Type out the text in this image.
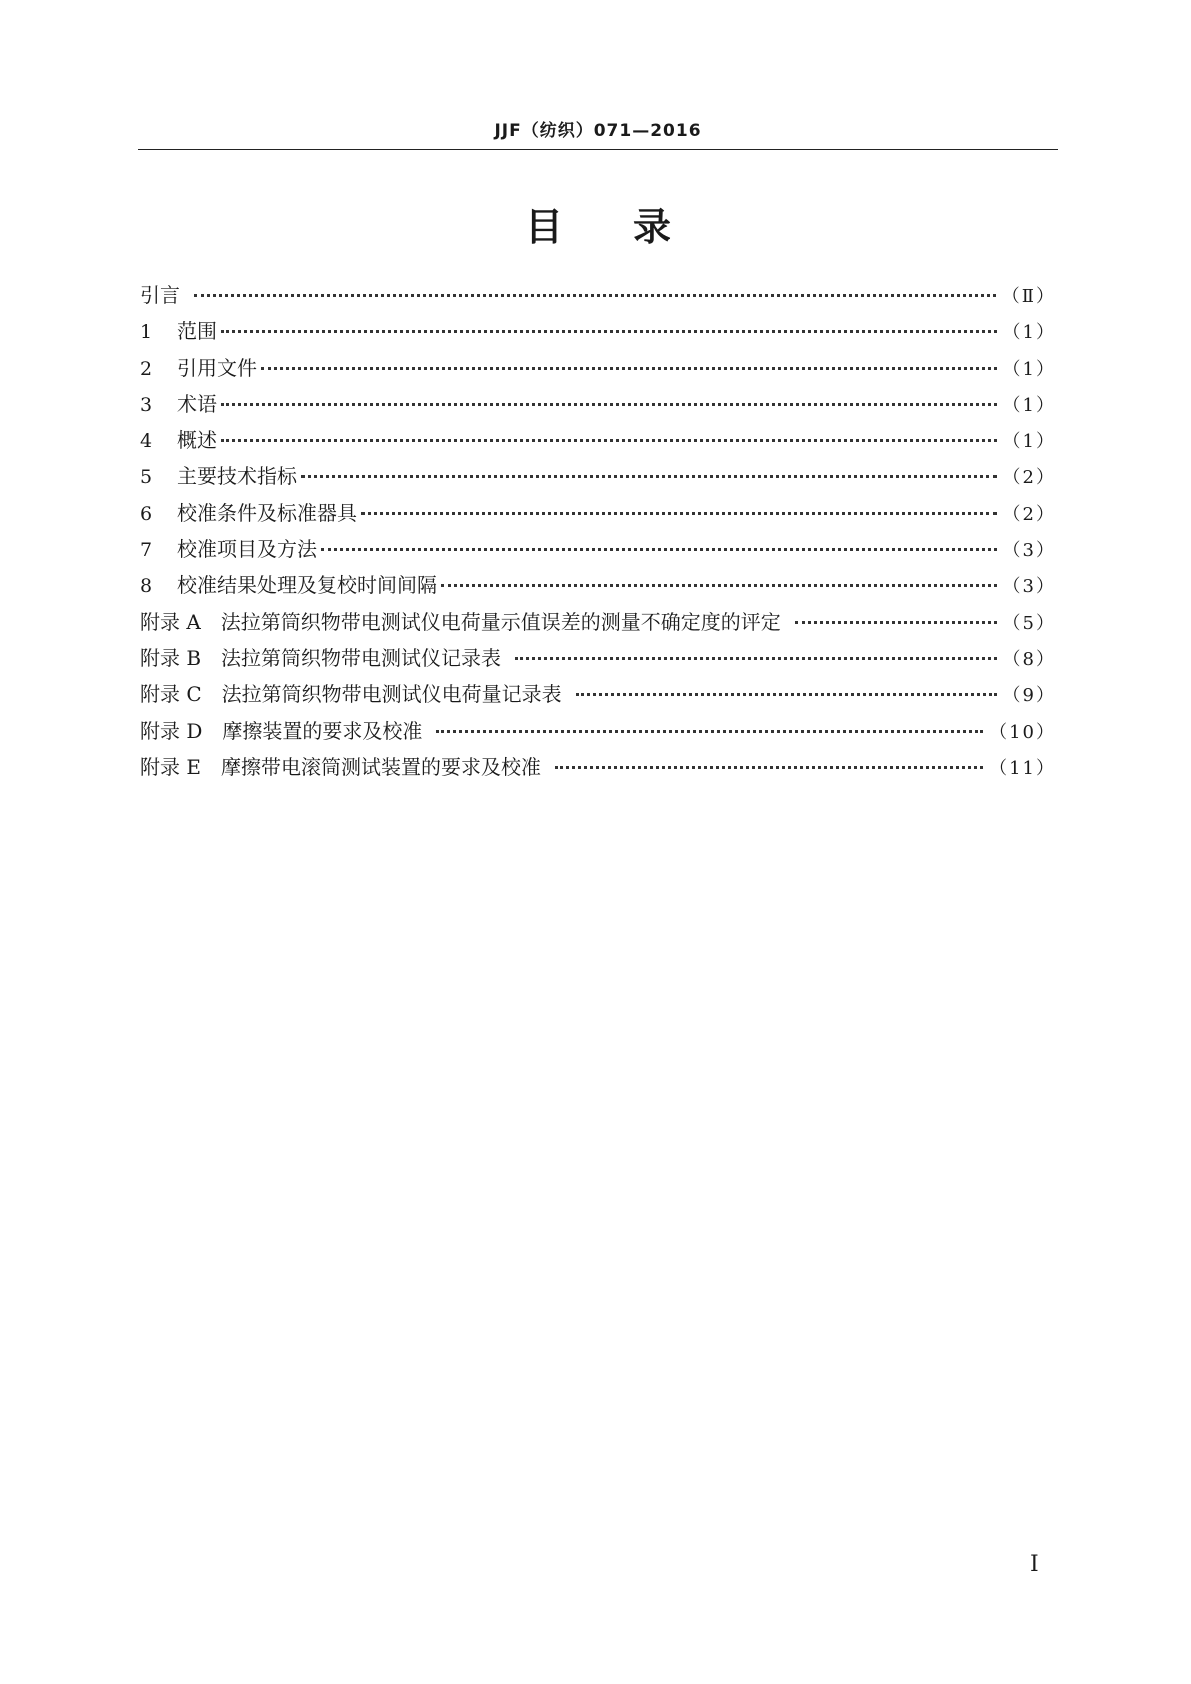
JJF（纺织）071—2016
目录
引言	（Ⅱ）
1	范围	（1）
2	引用文件	（1）
3	术语	（1）
4	概述	（1）
5	主要技术指标	（2）
6	校准条件及标准器具	（2）
7	校准项目及方法	（3）
8	校准结果处理及复校时间间隔	（3）
附录 A　法拉第筒织物带电测试仪电荷量示值误差的测量不确定度的评定	（5）
附录 B　法拉第筒织物带电测试仪记录表	（8）
附录 C　法拉第筒织物带电测试仪电荷量记录表	（9）
附录 D　摩擦装置的要求及校准	（10）
附录 E　摩擦带电滚筒测试装置的要求及校准	（11）
Ⅰ
